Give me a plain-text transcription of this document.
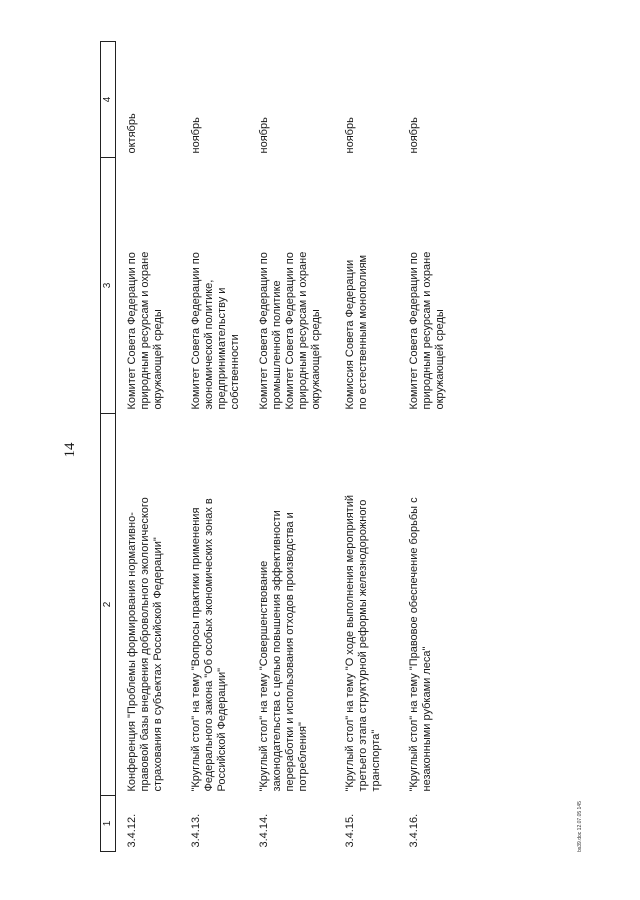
14
1	2	3	4
3.4.12.	Конференция "Проблемы формирования нормативно-
правовой базы внедрения добровольного экологического
страхования в субъектах Российской Федерации"	Комитет Совета Федерации по
природным ресурсам и охране
окружающей среды	октябрь
3.4.13.	"Круглый стол" на тему "Вопросы практики применения
Федерального закона "Об особых экономических зонах в
Российской Федерации"	Комитет Совета Федерации по
экономической политике,
предпринимательству и
собственности	ноябрь
3.4.14.	"Круглый стол" на тему "Совершенствование
законодательства с целью повышения эффективности
переработки и использования отходов производства и
потребления"	Комитет Совета Федерации по
промышленной политике
Комитет Совета Федерации по
природным ресурсам и охране
окружающей среды	ноябрь
3.4.15.	"Круглый стол" на тему "О ходе выполнения мероприятий
третьего этапа структурной реформы железнодорожного
транспорта"	Комиссия Совета Федерации
по естественным монополиям	ноябрь
3.4.16.	"Круглый стол" на тему "Правовое обеспечение борьбы с
незаконными рубками леса"	Комитет Совета Федерации по
природным ресурсам и охране
окружающей среды	ноябрь
bs39.doc 12.07.05 145
